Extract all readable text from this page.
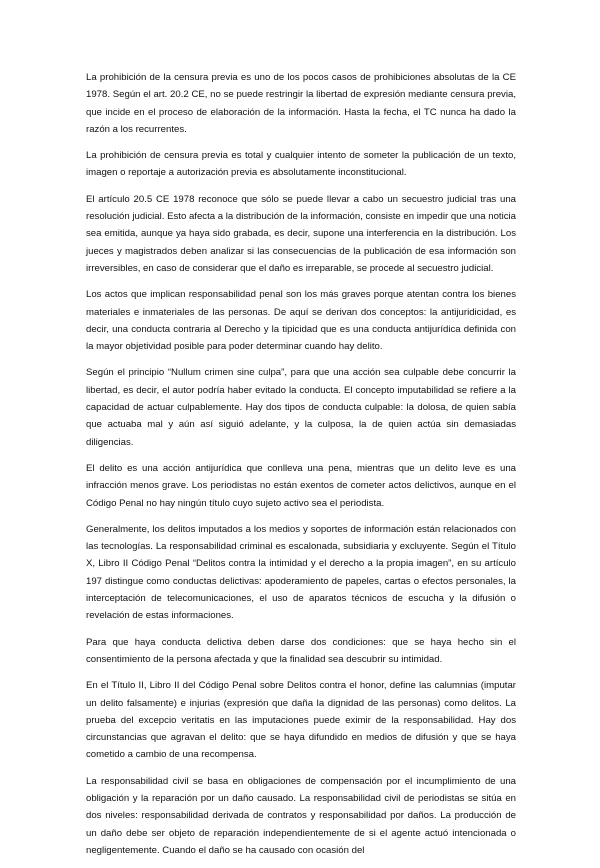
La prohibición de la censura previa es uno de los pocos casos de prohibiciones absolutas de la CE 1978. Según el art. 20.2 CE, no se puede restringir la libertad de expresión mediante censura previa, que incide en el proceso de elaboración de la información. Hasta la fecha, el TC nunca ha dado la razón a los recurrentes.

La prohibición de censura previa es total y cualquier intento de someter la publicación de un texto, imagen o reportaje a autorización previa es absolutamente inconstitucional.

El artículo 20.5 CE 1978 reconoce que sólo se puede llevar a cabo un secuestro judicial tras una resolución judicial. Esto afecta a la distribución de la información, consiste en impedir que una noticia sea emitida, aunque ya haya sido grabada, es decir, supone una interferencia en la distribución. Los jueces y magistrados deben analizar si las consecuencias de la publicación de esa información son irreversibles, en caso de considerar que el daño es irreparable, se procede al secuestro judicial.

Los actos que implican responsabilidad penal son los más graves porque atentan contra los bienes materiales e inmateriales de las personas. De aquí se derivan dos conceptos: la antijuridicidad, es decir, una conducta contraria al Derecho y la tipicidad que es una conducta antijurídica definida con la mayor objetividad posible para poder determinar cuando hay delito.

Según el principio “Nullum crimen sine culpa”, para que una acción sea culpable debe concurrir la libertad, es decir, el autor podría haber evitado la conducta. El concepto imputabilidad se refiere a la capacidad de actuar culpablemente. Hay dos tipos de conducta culpable: la dolosa, de quien sabía que actuaba mal y aún así siguió adelante, y la culposa, la de quien actúa sin demasiadas diligencias.

El delito es una acción antijurídica que conlleva una pena, mientras que un delito leve es una infracción menos grave. Los periodistas no están exentos de cometer actos delictivos, aunque en el Código Penal no hay ningún título cuyo sujeto activo sea el periodista.

Generalmente, los delitos imputados a los medios y soportes de información están relacionados con las tecnologías. La responsabilidad criminal es escalonada, subsidiaria y excluyente. Según el Título X, Libro II Código Penal “Delitos contra la intimidad y el derecho a la propia imagen”, en su artículo 197 distingue como conductas delictivas: apoderamiento de papeles, cartas o efectos personales, la interceptación de telecomunicaciones, el uso de aparatos técnicos de escucha y la difusión o revelación de estas informaciones.

Para que haya conducta delictiva deben darse dos condiciones: que se haya hecho sin el consentimiento de la persona afectada y que la finalidad sea descubrir su intimidad.

En el Título II, Libro II del Código Penal sobre Delitos contra el honor, define las calumnias (imputar un delito falsamente) e injurias (expresión que daña la dignidad de las personas) como delitos. La prueba del excepcio veritatis en las imputaciones puede eximir de la responsabilidad. Hay dos circunstancias que agravan el delito: que se haya difundido en medios de difusión y que se haya cometido a cambio de una recompensa.

La responsabilidad civil se basa en obligaciones de compensación por el incumplimiento de una obligación y la reparación por un daño causado. La responsabilidad civil de periodistas se sitúa en dos niveles: responsabilidad derivada de contratos y responsabilidad por daños. La producción de un daño debe ser objeto de reparación independientemente de si el agente actuó intencionada o negligentemente. Cuando el daño se ha causado con ocasión del
